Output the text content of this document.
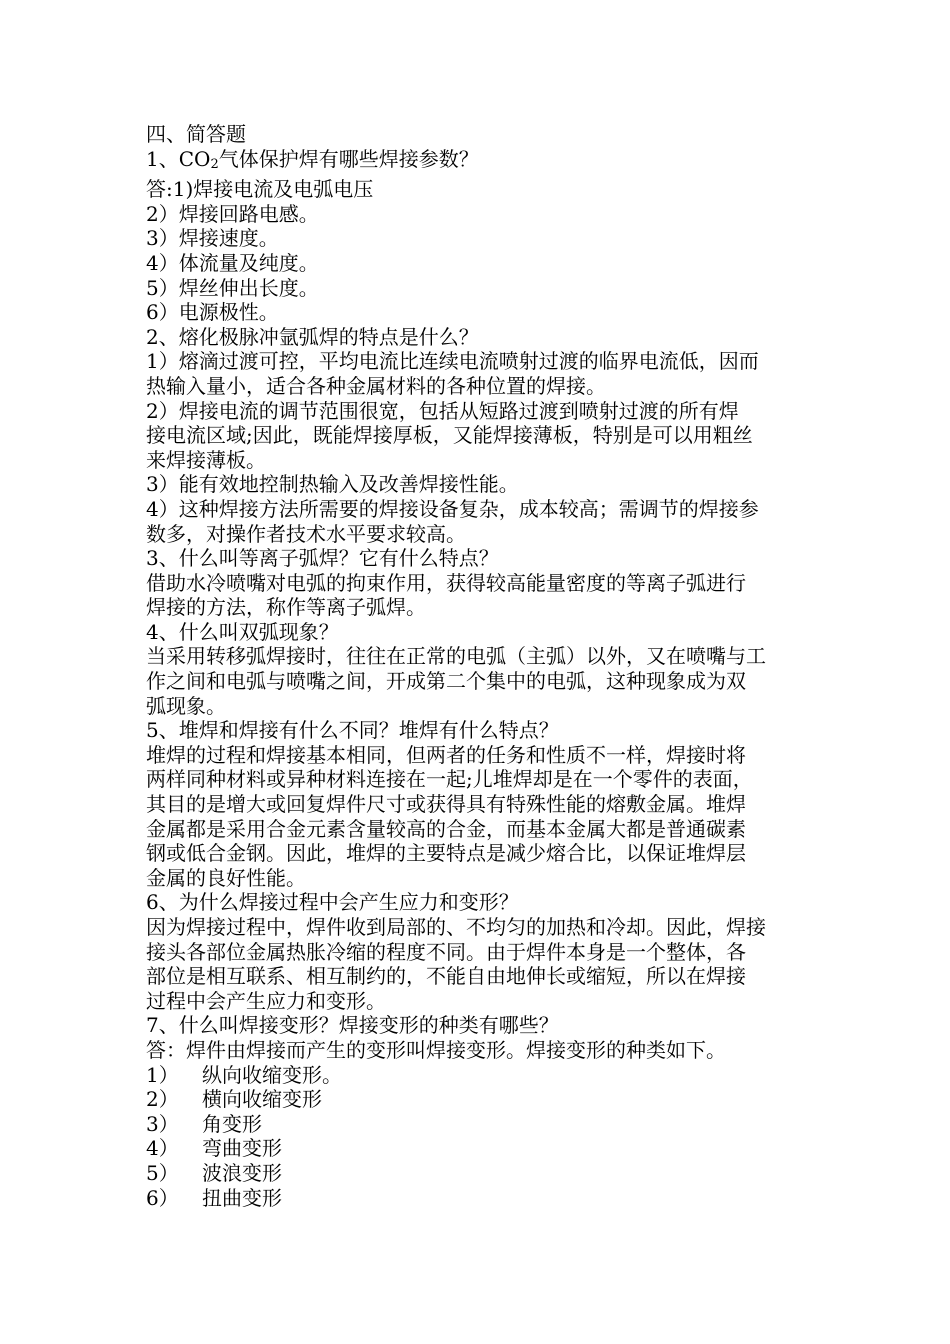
四、简答题
1、$CO_2$气体保护焊有哪些焊接参数？
答:1)焊接电流及电弧电压
2）焊接回路电感。
3）焊接速度。
4）体流量及纯度。
5）焊丝伸出长度。
6）电源极性。
2、熔化极脉冲氩弧焊的特点是什么？
1）熔滴过渡可控，平均电流比连续电流喷射过渡的临界电流低，因而
热输入量小，适合各种金属材料的各种位置的焊接。
2）焊接电流的调节范围很宽，包括从短路过渡到喷射过渡的所有焊
接电流区域;因此，既能焊接厚板，又能焊接薄板，特别是可以用粗丝
来焊接薄板。
3）能有效地控制热输入及改善焊接性能。
4）这种焊接方法所需要的焊接设备复杂，成本较高；需调节的焊接参
数多，对操作者技术水平要求较高。
3、什么叫等离子弧焊？它有什么特点？
借助水冷喷嘴对电弧的拘束作用，获得较高能量密度的等离子弧进行
焊接的方法，称作等离子弧焊。
4、什么叫双弧现象？
当采用转移弧焊接时，往往在正常的电弧（主弧）以外，又在喷嘴与工
作之间和电弧与喷嘴之间，开成第二个集中的电弧，这种现象成为双
弧现象。
5、堆焊和焊接有什么不同？堆焊有什么特点？
堆焊的过程和焊接基本相同，但两者的任务和性质不一样，焊接时将
两样同种材料或异种材料连接在一起;儿堆焊却是在一个零件的表面，
其目的是增大或回复焊件尺寸或获得具有特殊性能的熔敷金属。堆焊
金属都是采用合金元素含量较高的合金，而基本金属大都是普通碳素
钢或低合金钢。因此，堆焊的主要特点是减少熔合比，以保证堆焊层
金属的良好性能。
6、为什么焊接过程中会产生应力和变形？
因为焊接过程中，焊件收到局部的、不均匀的加热和冷却。因此，焊接
接头各部位金属热胀冷缩的程度不同。由于焊件本身是一个整体，各
部位是相互联系、相互制约的，不能自由地伸长或缩短，所以在焊接
过程中会产生应力和变形。
7、什么叫焊接变形？焊接变形的种类有哪些？
答：焊件由焊接而产生的变形叫焊接变形。焊接变形的种类如下。
1） 纵向收缩变形。
2） 横向收缩变形
3） 角变形
4） 弯曲变形
5） 波浪变形
6） 扭曲变形
